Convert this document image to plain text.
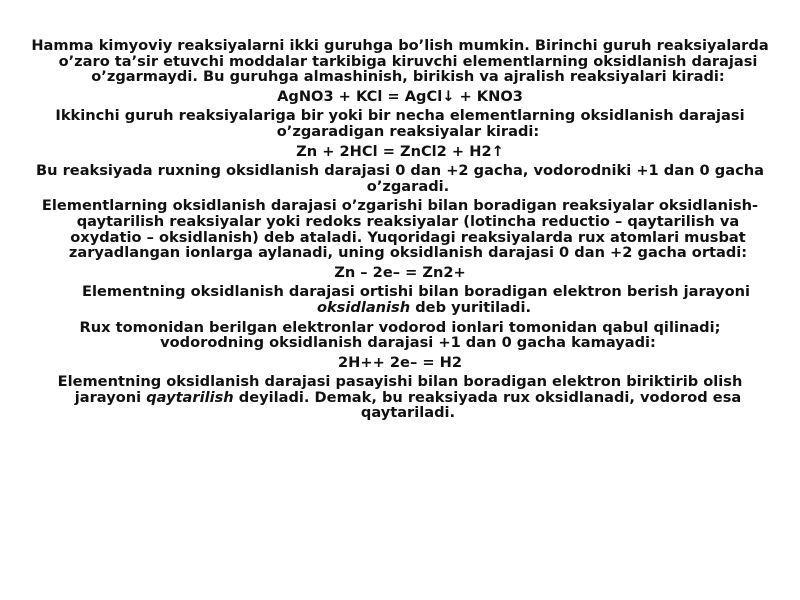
Hamma kimyoviy reaksiyalarni ikki guruhga bo’lish mumkin. Birinchi guruh reaksiyalarda o’zaro ta’sir etuvchi moddalar tarkibiga kiruvchi elementlarning oksidlanish darajasi o’zgarmaydi. Bu guruhga almashinish, birikish va ajralish reaksiyalari kiradi:
AgNO3 + KCl = AgCl↓ + KNO3
Ikkinchi guruh reaksiyalariga bir yoki bir necha elementlarning oksidlanish darajasi o’zgaradigan reaksiyalar kiradi:
Zn + 2HCl = ZnCl2 + H2↑
Bu reaksiyada ruxning oksidlanish darajasi 0 dan +2 gacha, vodorodniki +1 dan 0 gacha o’zgaradi.
Elementlarning oksidlanish darajasi o’zgarishi bilan boradigan reaksiyalar oksidlanish-qaytarilish reaksiyalar yoki redoks reaksiyalar (lotincha reductio – qaytarilish va oxydatio – oksidlanish) deb ataladi. Yuqoridagi reaksiyalarda rux atomlari musbat zaryadlangan ionlarga aylanadi, uning oksidlanish darajasi 0 dan +2 gacha ortadi:
Zn – 2e– = Zn2+
Elementning oksidlanish darajasi ortishi bilan boradigan elektron berish jarayoni oksidlanish deb yuritiladi.
Rux tomonidan berilgan elektronlar vodorod ionlari tomonidan qabul qilinadi; vodorodning oksidlanish darajasi +1 dan 0 gacha kamayadi:
2H++ 2e– = H2
Elementning oksidlanish darajasi pasayishi bilan boradigan elektron biriktirib olish jarayoni qaytarilish deyiladi. Demak, bu reaksiyada rux oksidlanadi, vodorod esa qaytariladi.
